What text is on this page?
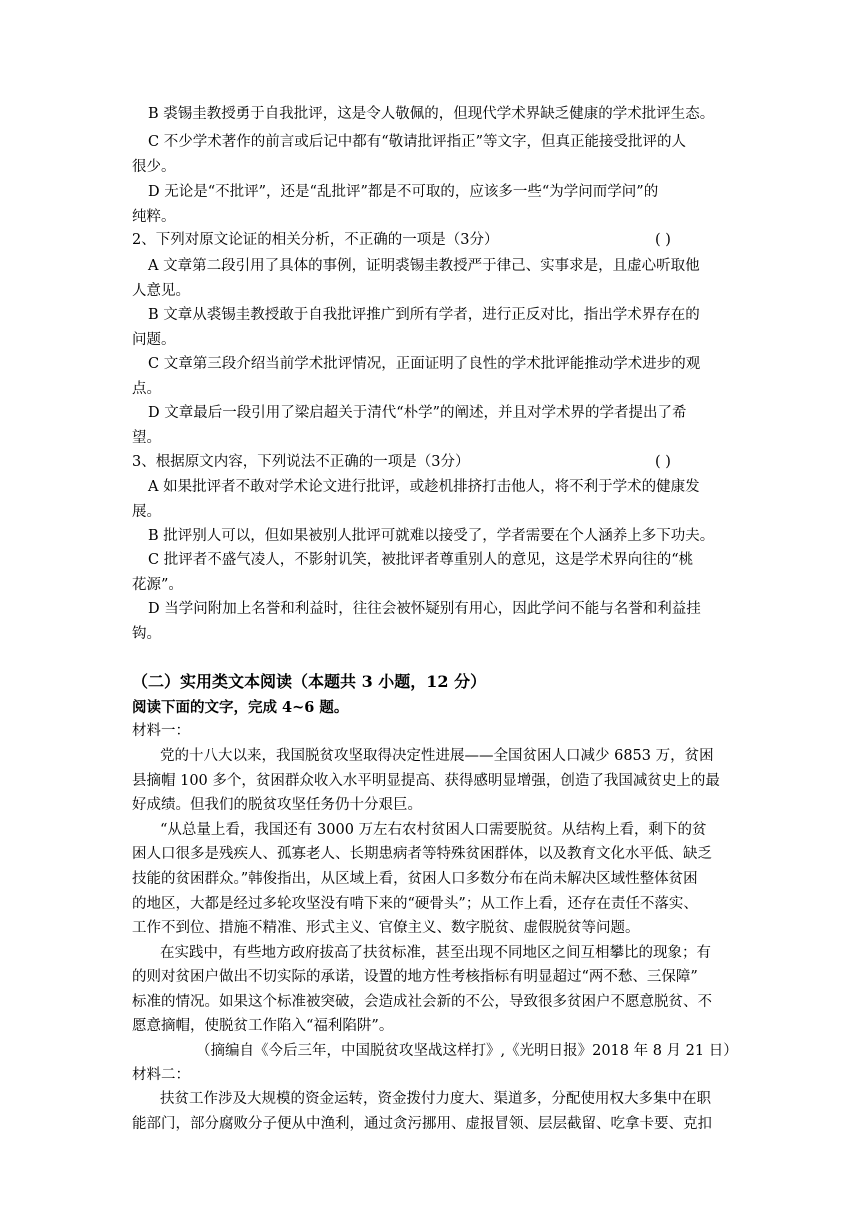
B 裘锡圭教授勇于自我批评，这是令人敬佩的，但现代学术界缺乏健康的学术批评生态。
C 不少学术著作的前言或后记中都有“敬请批评指正”等文字，但真正能接受批评的人
很少。
D 无论是“不批评”，还是“乱批评”都是不可取的，应该多一些“为学问而学问”的
纯粹。
2、下列对原文论证的相关分析，不正确的一项是（3分）	( )
A 文章第二段引用了具体的事例，证明裘锡圭教授严于律己、实事求是，且虚心听取他
人意见。
B 文章从裘锡圭教授敢于自我批评推广到所有学者，进行正反对比，指出学术界存在的
问题。
C 文章第三段介绍当前学术批评情况，正面证明了良性的学术批评能推动学术进步的观
点。
D 文章最后一段引用了梁启超关于清代“朴学”的阐述，并且对学术界的学者提出了希
望。
3、根据原文内容，下列说法不正确的一项是（3分）	( )
A 如果批评者不敢对学术论文进行批评，或趁机排挤打击他人，将不利于学术的健康发
展。
B 批评别人可以，但如果被别人批评可就难以接受了，学者需要在个人涵养上多下功夫。
C 批评者不盛气凌人，不影射讥笑，被批评者尊重别人的意见，这是学术界向往的“桃
花源”。
D 当学问附加上名誉和利益时，往往会被怀疑别有用心，因此学问不能与名誉和利益挂
钩。
（二）实用类文本阅读（本题共 3 小题，12 分）
阅读下面的文字，完成 4~6 题。
材料一：
党的十八大以来，我国脱贫攻坚取得决定性进展——全国贫困人口减少 6853 万，贫困
县摘帽 100 多个，贫困群众收入水平明显提高、获得感明显增强，创造了我国减贫史上的最
好成绩。但我们的脱贫攻坚任务仍十分艰巨。
“从总量上看，我国还有 3000 万左右农村贫困人口需要脱贫。从结构上看，剩下的贫
困人口很多是残疾人、孤寡老人、长期患病者等特殊贫困群体，以及教育文化水平低、缺乏
技能的贫困群众。”韩俊指出，从区域上看，贫困人口多数分布在尚未解决区域性整体贫困
的地区，大都是经过多轮攻坚没有啃下来的“硬骨头”；从工作上看，还存在责任不落实、
工作不到位、措施不精准、形式主义、官僚主义、数字脱贫、虚假脱贫等问题。
在实践中，有些地方政府拔高了扶贫标准，甚至出现不同地区之间互相攀比的现象；有
的则对贫困户做出不切实际的承诺，设置的地方性考核指标有明显超过“两不愁、三保障”
标准的情况。如果这个标准被突破，会造成社会新的不公，导致很多贫困户不愿意脱贫、不
愿意摘帽，使脱贫工作陷入“福利陷阱”。
（摘编自《今后三年，中国脱贫攻坚战这样打》,《光明日报》2018 年 8 月 21 日）
材料二：
扶贫工作涉及大规模的资金运转，资金拨付力度大、渠道多，分配使用权大多集中在职
能部门，部分腐败分子便从中渔利，通过贪污挪用、虚报冒领、层层截留、吃拿卡要、克扣
